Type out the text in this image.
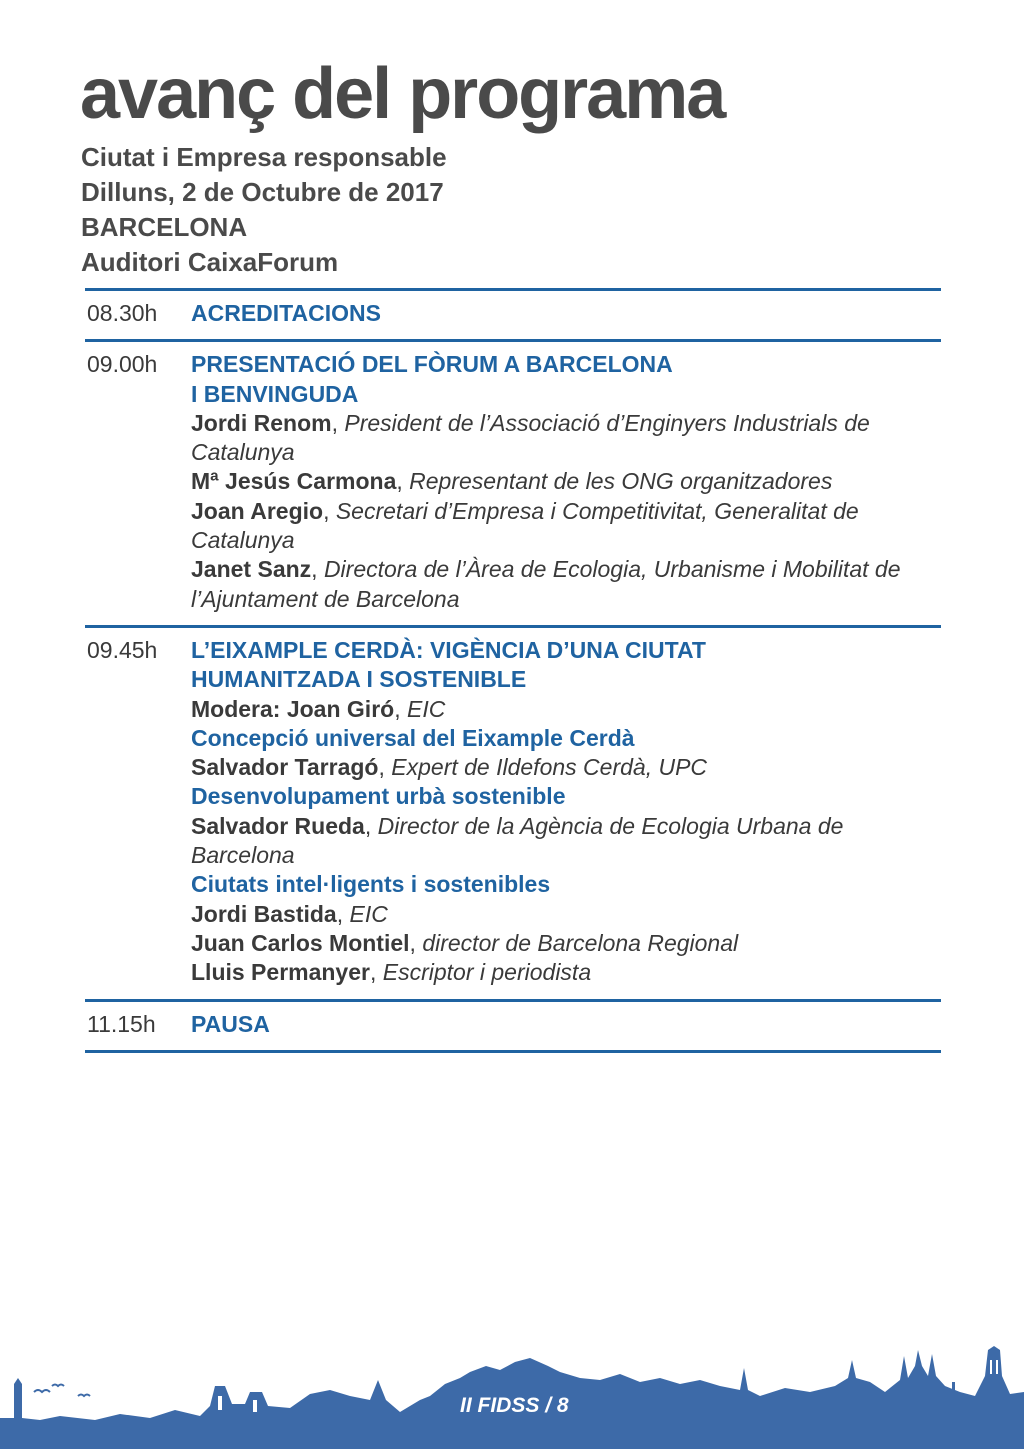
avanç del programa
Ciutat i Empresa responsable
Dilluns, 2 de Octubre de 2017
BARCELONA
Auditori CaixaForum
08.30h	ACREDITACIONS
09.00h	PRESENTACIÓ DEL FÒRUM A BARCELONA
I BENVINGUDA
Jordi Renom, President de l’Associació d’Enginyers Industrials de Catalunya
Mª Jesús Carmona, Representant de les ONG organitzadores
Joan Aregio, Secretari d’Empresa i Competitivitat, Generalitat de Catalunya
Janet Sanz, Directora de l’Àrea de Ecologia, Urbanisme i Mobilitat de l’Ajuntament de Barcelona
09.45h	L’EIXAMPLE CERDÀ: VIGÈNCIA D’UNA CIUTAT
HUMANITZADA I SOSTENIBLE
Modera: Joan Giró, EIC
Concepció universal del Eixample Cerdà
Salvador Tarragó, Expert de Ildefons Cerdà, UPC
Desenvolupament urbà sostenible
Salvador Rueda, Director de la Agència de Ecologia Urbana de Barcelona
Ciutats intel·ligents i sostenibles
Jordi Bastida, EIC
Juan Carlos Montiel, director de Barcelona Regional
Lluis Permanyer, Escriptor i periodista
11.15h	PAUSA
II FIDSS / 8
